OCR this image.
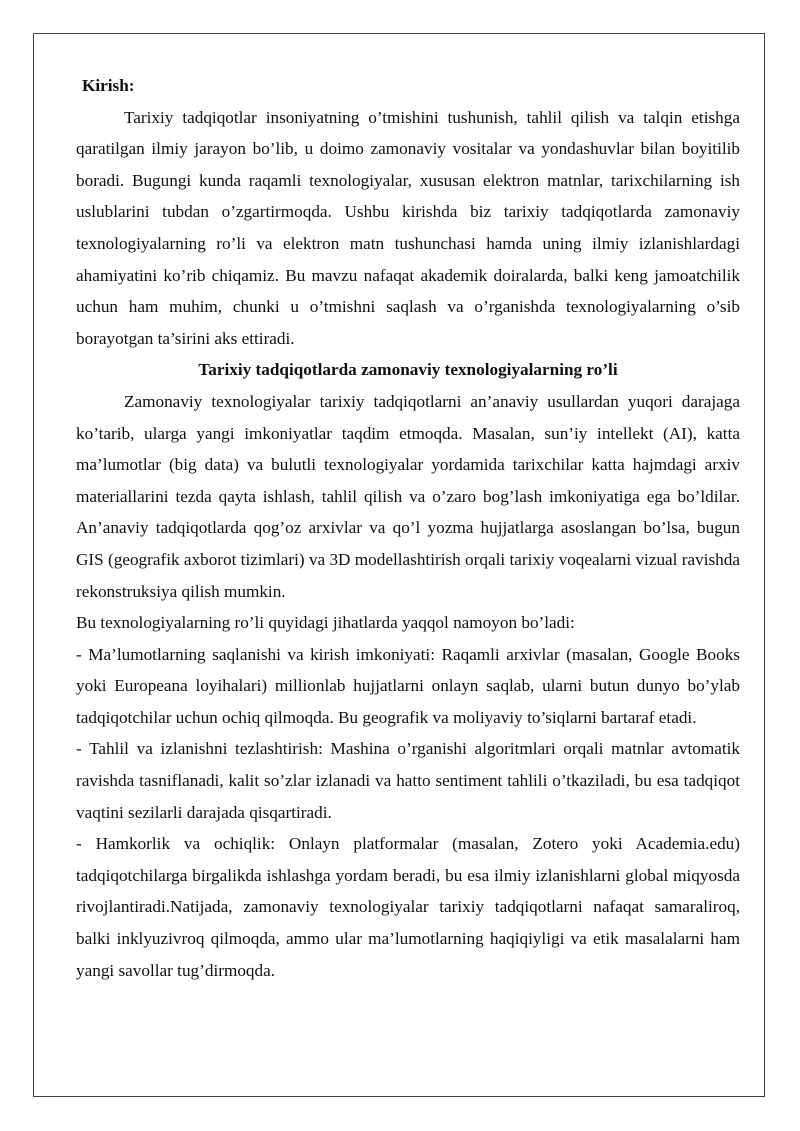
Kirish:

Tarixiy tadqiqotlar insoniyatning o’tmishini tushunish, tahlil qilish va talqin etishga qaratilgan ilmiy jarayon bo’lib, u doimo zamonaviy vositalar va yondashuvlar bilan boyitilib boradi. Bugungi kunda raqamli texnologiyalar, xususan elektron matnlar, tarixchilarning ish uslublarini tubdan o’zgartirmoqda. Ushbu kirishda biz tarixiy tadqiqotlarda zamonaviy texnologiyalarning ro’li va elektron matn tushunchasi hamda uning ilmiy izlanishlardagi ahamiyatini ko’rib chiqamiz. Bu mavzu nafaqat akademik doiralarda, balki keng jamoatchilik uchun ham muhim, chunki u o’tmishni saqlash va o’rganishda texnologiyalarning o’sib borayotgan ta’sirini aks ettiradi.

Tarixiy tadqiqotlarda zamonaviy texnologiyalarning ro’li

Zamonaviy texnologiyalar tarixiy tadqiqotlarni an’anaviy usullardan yuqori darajaga ko’tarib, ularga yangi imkoniyatlar taqdim etmoqda. Masalan, sun’iy intellekt (AI), katta ma’lumotlar (big data) va bulutli texnologiyalar yordamida tarixchilar katta hajmdagi arxiv materiallarini tezda qayta ishlash, tahlil qilish va o’zaro bog’lash imkoniyatiga ega bo’ldilar. An’anaviy tadqiqotlarda qog’oz arxivlar va qo’l yozma hujjatlarga asoslangan bo’lsa, bugun GIS (geografik axborot tizimlari) va 3D modellashtirish orqali tarixiy voqealarni vizual ravishda rekonstruksiya qilish mumkin.

Bu texnologiyalarning ro’li quyidagi jihatlarda yaqqol namoyon bo’ladi:

- Ma’lumotlarning saqlanishi va kirish imkoniyati: Raqamli arxivlar (masalan, Google Books yoki Europeana loyihalari) millionlab hujjatlarni onlayn saqlab, ularni butun dunyo bo’ylab tadqiqotchilar uchun ochiq qilmoqda. Bu geografik va moliyaviy to’siqlarni bartaraf etadi.

- Tahlil va izlanishni tezlashtirish: Mashina o’rganishi algoritmlari orqali matnlar avtomatik ravishda tasniflanadi, kalit so’zlar izlanadi va hatto sentiment tahlili o’tkaziladi, bu esa tadqiqot vaqtini sezilarli darajada qisqartiradi.

- Hamkorlik va ochiqlik: Onlayn platformalar (masalan, Zotero yoki Academia.edu) tadqiqotchilarga birgalikda ishlashga yordam beradi, bu esa ilmiy izlanishlarni global miqyosda rivojlantiradi.Natijada, zamonaviy texnologiyalar tarixiy tadqiqotlarni nafaqat samaraliroq, balki inklyuzivroq qilmoqda, ammo ular ma’lumotlarning haqiqiyligi va etik masalalarni ham yangi savollar tug’dirmoqda.
